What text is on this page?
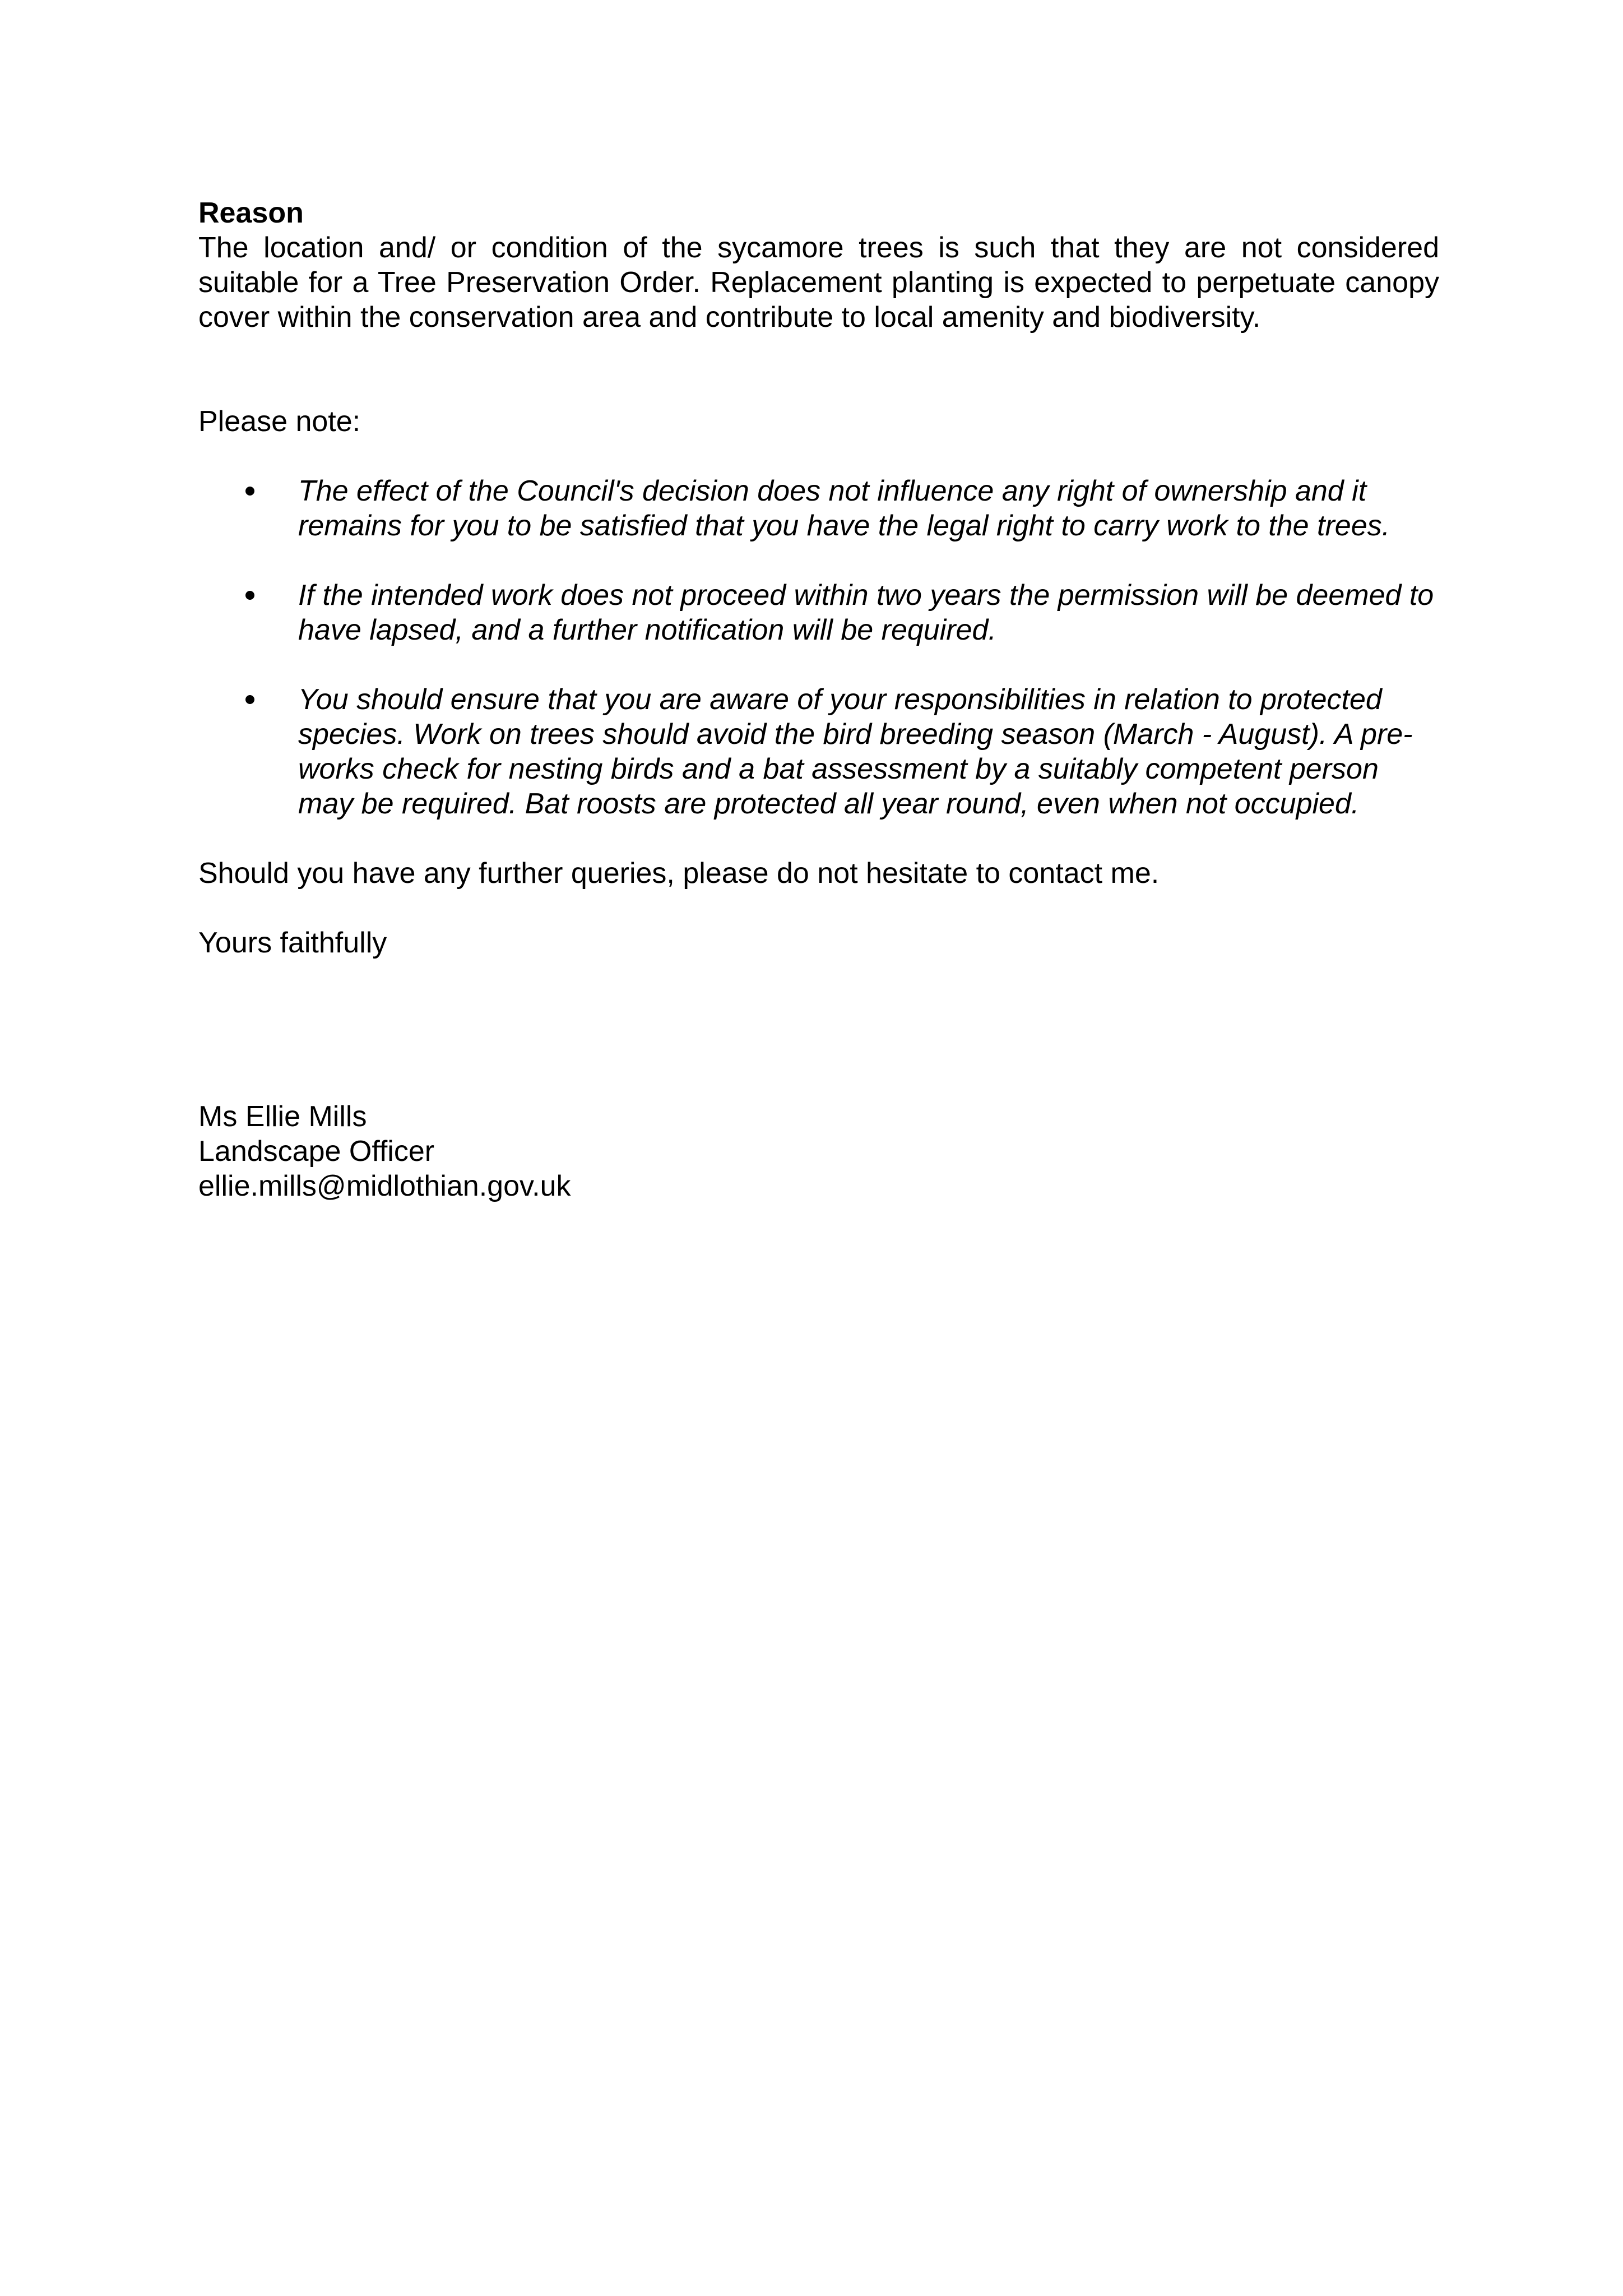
Reason

The location and/ or condition of the sycamore trees is such that they are not considered suitable for a Tree Preservation Order. Replacement planting is expected to perpetuate canopy cover within the conservation area and contribute to local amenity and biodiversity.

Please note:

The effect of the Council's decision does not influence any right of ownership and it remains for you to be satisfied that you have the legal right to carry work to the trees.
If the intended work does not proceed within two years the permission will be deemed to have lapsed, and a further notification will be required.
You should ensure that you are aware of your responsibilities in relation to protected species. Work on trees should avoid the bird breeding season (March - August). A pre-works check for nesting birds and a bat assessment by a suitably competent person may be required. Bat roosts are protected all year round, even when not occupied.

Should you have any further queries, please do not hesitate to contact me.

Yours faithfully

Ms Ellie Mills
Landscape Officer
ellie.mills@midlothian.gov.uk
